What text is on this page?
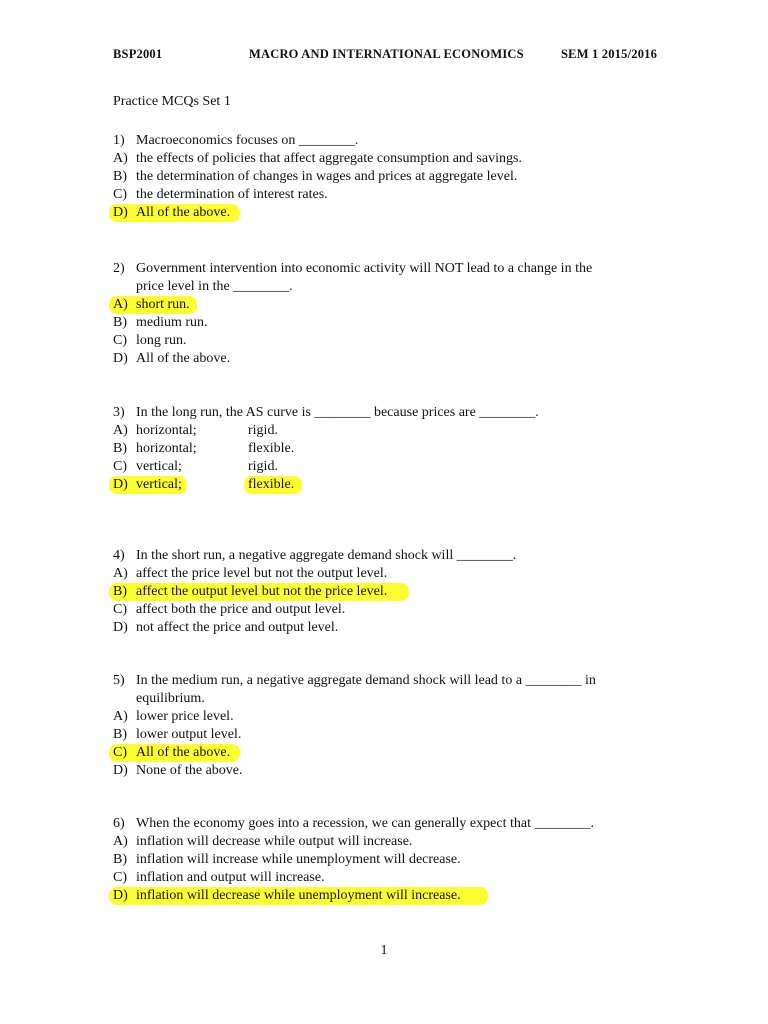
BSP2001	MACRO AND INTERNATIONAL ECONOMICS	SEM 1 2015/2016
Practice MCQs Set 1
1) Macroeconomics focuses on ________.
A) the effects of policies that affect aggregate consumption and savings.
B) the determination of changes in wages and prices at aggregate level.
C) the determination of interest rates.
D) All of the above.
2) Government intervention into economic activity will NOT lead to a change in the
price level in the ________.
A) short run.
B) medium run.
C) long run.
D) All of the above.
3) In the long run, the AS curve is ________ because prices are ________.
A) horizontal;	rigid.
B) horizontal;	flexible.
C) vertical;	rigid.
D) vertical;	flexible.
4) In the short run, a negative aggregate demand shock will ________.
A) affect the price level but not the output level.
B) affect the output level but not the price level.
C) affect both the price and output level.
D) not affect the price and output level.
5) In the medium run, a negative aggregate demand shock will lead to a ________ in
equilibrium.
A) lower price level.
B) lower output level.
C) All of the above.
D) None of the above.
6) When the economy goes into a recession, we can generally expect that ________.
A) inflation will decrease while output will increase.
B) inflation will increase while unemployment will decrease.
C) inflation and output will increase.
D) inflation will decrease while unemployment will increase.
1
